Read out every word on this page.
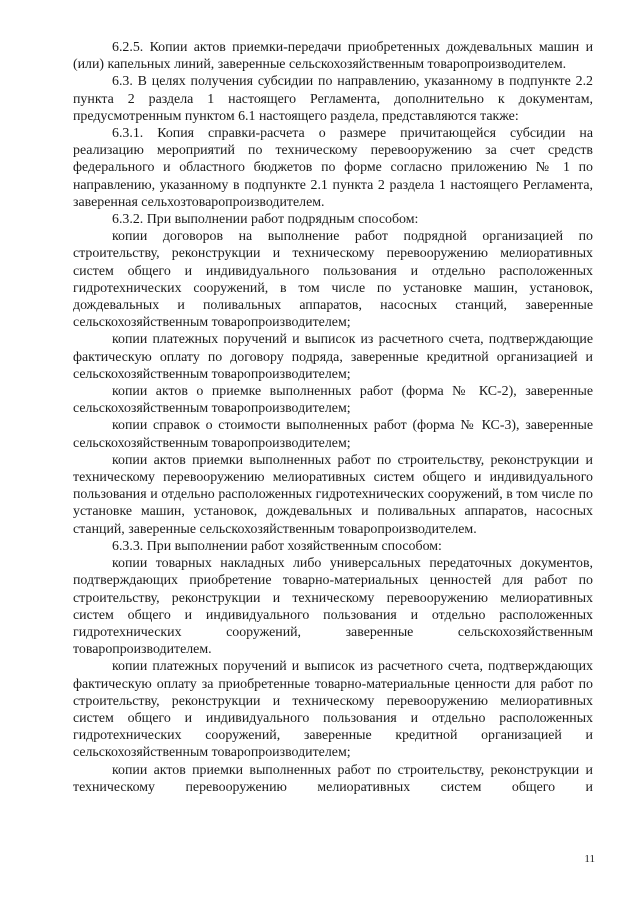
6.2.5. Копии актов приемки-передачи приобретенных дождевальных машин и (или) капельных линий, заверенные сельскохозяйственным товаропроизводителем.

6.3. В целях получения субсидии по направлению, указанному в подпункте 2.2 пункта 2 раздела 1 настоящего Регламента, дополнительно к документам, предусмотренным пунктом 6.1 настоящего раздела, представляются также:

6.3.1. Копия справки-расчета о размере причитающейся субсидии на реализацию мероприятий по техническому перевооружению за счет средств федерального и областного бюджетов по форме согласно приложению № 1 по направлению, указанному в подпункте 2.1 пункта 2 раздела 1 настоящего Регламента, заверенная сельхозтоваропроизводителем.

6.3.2. При выполнении работ подрядным способом:

копии договоров на выполнение работ подрядной организацией по строительству, реконструкции и техническому перевооружению мелиоративных систем общего и индивидуального пользования и отдельно расположенных гидротехнических сооружений, в том числе по установке машин, установок, дождевальных и поливальных аппаратов, насосных станций, заверенные сельскохозяйственным товаропроизводителем;

копии платежных поручений и выписок из расчетного счета, подтверждающие фактическую оплату по договору подряда, заверенные кредитной организацией и сельскохозяйственным товаропроизводителем;

копии актов о приемке выполненных работ (форма № КС-2), заверенные сельскохозяйственным товаропроизводителем;

копии справок о стоимости выполненных работ (форма № КС-3), заверенные сельскохозяйственным товаропроизводителем;

копии актов приемки выполненных работ по строительству, реконструкции и техническому перевооружению мелиоративных систем общего и индивидуального пользования и отдельно расположенных гидротехнических сооружений, в том числе по установке машин, установок, дождевальных и поливальных аппаратов, насосных станций, заверенные сельскохозяйственным товаропроизводителем.

6.3.3. При выполнении работ хозяйственным способом:

копии товарных накладных либо универсальных передаточных документов, подтверждающих приобретение товарно-материальных ценностей для работ по строительству, реконструкции и техническому перевооружению мелиоративных систем общего и индивидуального пользования и отдельно расположенных гидротехнических сооружений, заверенные сельскохозяйственным товаропроизводителем.

копии платежных поручений и выписок из расчетного счета, подтверждающих фактическую оплату за приобретенные товарно-материальные ценности для работ по строительству, реконструкции и техническому перевооружению мелиоративных систем общего и индивидуального пользования и отдельно расположенных гидротехнических сооружений, заверенные кредитной организацией и сельскохозяйственным товаропроизводителем;

копии актов приемки выполненных работ по строительству, реконструкции и техническому перевооружению мелиоративных систем общего и

11
